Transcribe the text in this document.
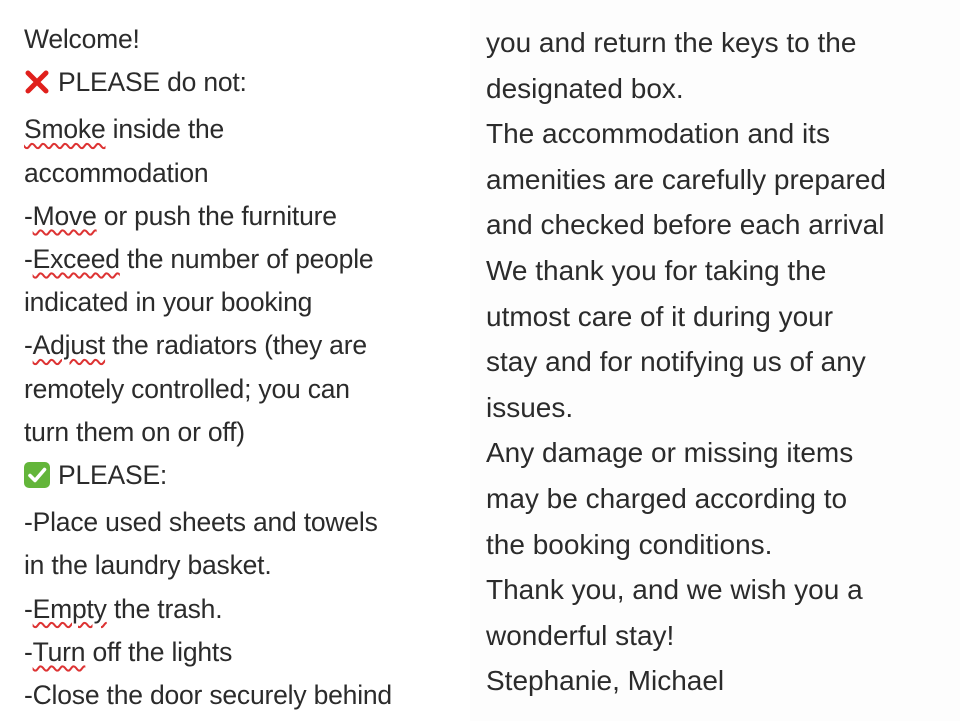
Welcome!
PLEASE do not:
Smoke inside the
accommodation
-Move or push the furniture
-Exceed the number of people
indicated in your booking
-Adjust the radiators (they are
remotely controlled; you can
turn them on or off)
PLEASE:
-Place used sheets and towels
in the laundry basket.
-Empty the trash.
-Turn off the lights
-Close the door securely behind
you and return the keys to the
designated box.
The accommodation and its
amenities are carefully prepared
and checked before each arrival
We thank you for taking the
utmost care of it during your
stay and for notifying us of any
issues.
Any damage or missing items
may be charged according to
the booking conditions.
Thank you, and we wish you a
wonderful stay!
Stephanie, Michael
